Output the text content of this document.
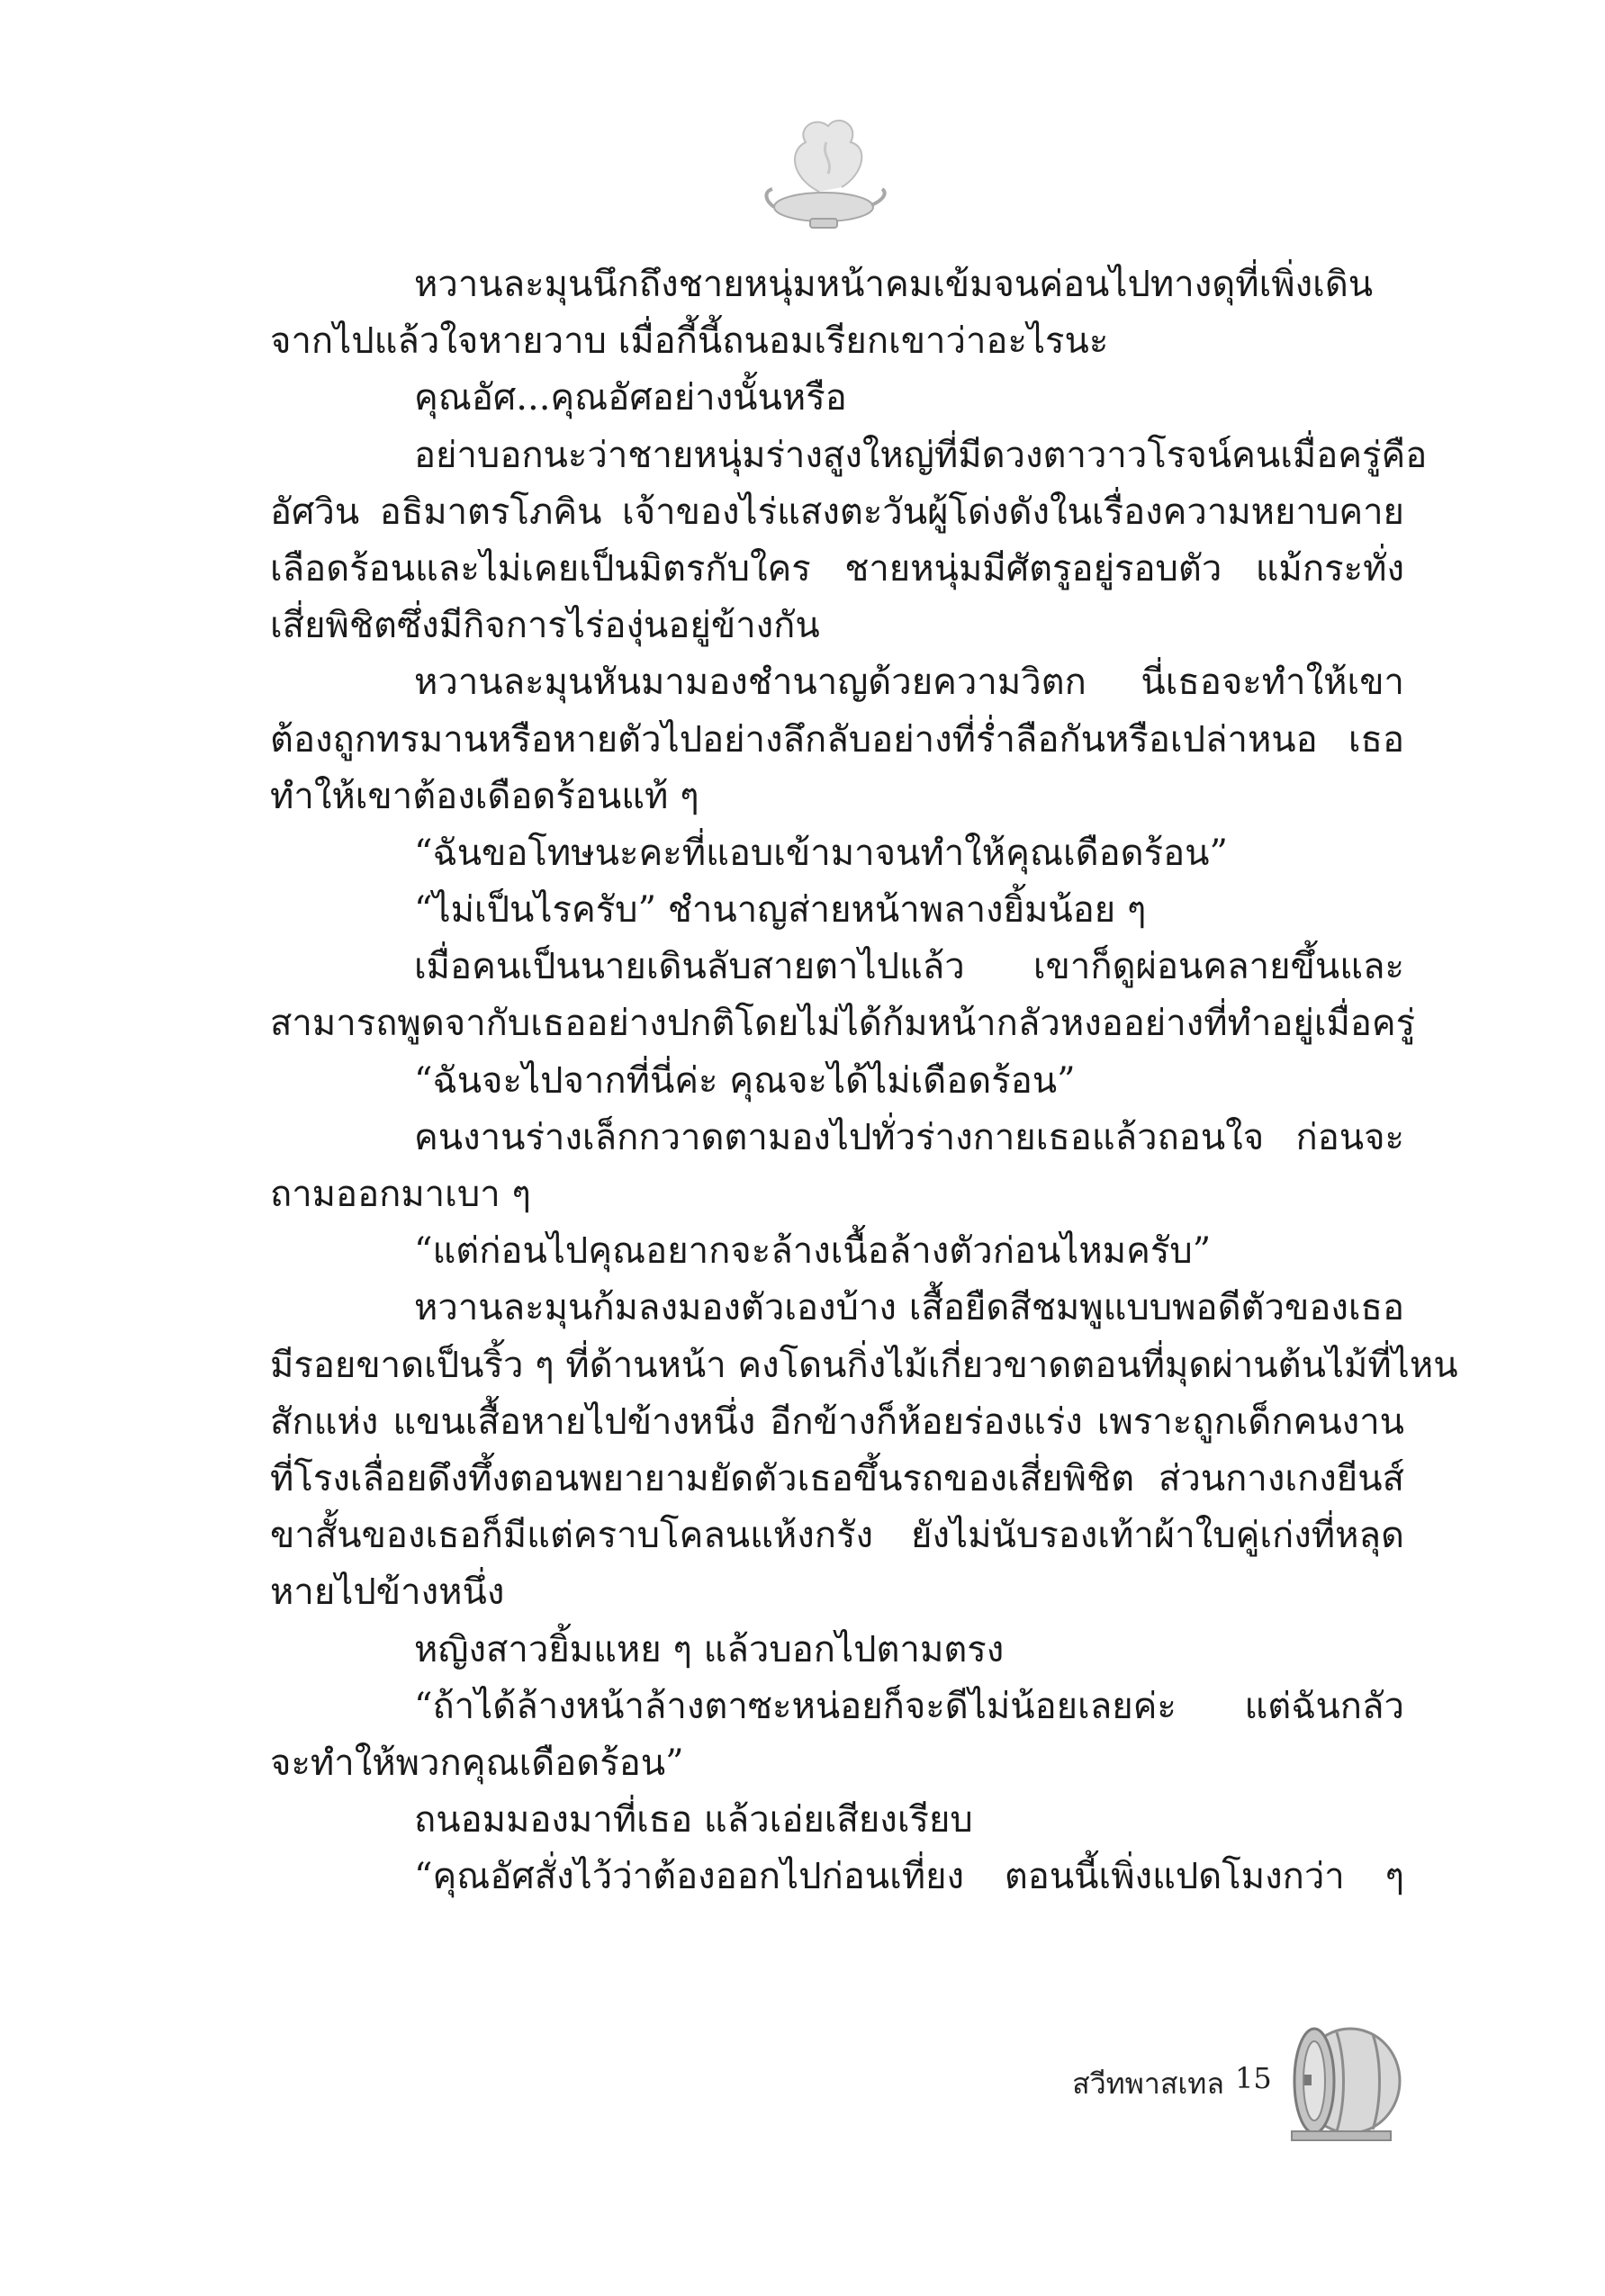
หวานละมุนนึกถึงชายหนุ่มหน้าคมเข้มจนค่อนไปทางดุที่เพิ่งเดิน
จากไปแล้วใจหายวาบ เมื่อกี้นี้ถนอมเรียกเขาว่าอะไรนะ
คุณอัศ...คุณอัศอย่างนั้นหรือ
อย่าบอกนะว่าชายหนุ่มร่างสูงใหญ่ที่มีดวงตาวาวโรจน์คนเมื่อครู่คือ
อัศวิน อธิมาตรโภคิน เจ้าของไร่แสงตะวันผู้โด่งดังในเรื่องความหยาบคาย
เลือดร้อนและไม่เคยเป็นมิตรกับใคร ชายหนุ่มมีศัตรูอยู่รอบตัว แม้กระทั่ง
เสี่ยพิชิตซึ่งมีกิจการไร่องุ่นอยู่ข้างกัน
หวานละมุนหันมามองชำนาญด้วยความวิตก นี่เธอจะทำให้เขา
ต้องถูกทรมานหรือหายตัวไปอย่างลึกลับอย่างที่ร่ำลือกันหรือเปล่าหนอ เธอ
ทำให้เขาต้องเดือดร้อนแท้ ๆ
“ฉันขอโทษนะคะที่แอบเข้ามาจนทำให้คุณเดือดร้อน”
“ไม่เป็นไรครับ” ชำนาญส่ายหน้าพลางยิ้มน้อย ๆ
เมื่อคนเป็นนายเดินลับสายตาไปแล้ว เขาก็ดูผ่อนคลายขึ้นและ
สามารถพูดจากับเธออย่างปกติโดยไม่ได้ก้มหน้ากลัวหงออย่างที่ทำอยู่เมื่อครู่
“ฉันจะไปจากที่นี่ค่ะ คุณจะได้ไม่เดือดร้อน”
คนงานร่างเล็กกวาดตามองไปทั่วร่างกายเธอแล้วถอนใจ ก่อนจะ
ถามออกมาเบา ๆ
“แต่ก่อนไปคุณอยากจะล้างเนื้อล้างตัวก่อนไหมครับ”
หวานละมุนก้มลงมองตัวเองบ้าง เสื้อยืดสีชมพูแบบพอดีตัวของเธอ
มีรอยขาดเป็นริ้ว ๆ ที่ด้านหน้า คงโดนกิ่งไม้เกี่ยวขาดตอนที่มุดผ่านต้นไม้ที่ไหน
สักแห่ง แขนเสื้อหายไปข้างหนึ่ง อีกข้างก็ห้อยร่องแร่ง เพราะถูกเด็กคนงาน
ที่โรงเลื่อยดึงทึ้งตอนพยายามยัดตัวเธอขึ้นรถของเสี่ยพิชิต ส่วนกางเกงยีนส์
ขาสั้นของเธอก็มีแต่คราบโคลนแห้งกรัง ยังไม่นับรองเท้าผ้าใบคู่เก่งที่หลุด
หายไปข้างหนึ่ง
หญิงสาวยิ้มแหย ๆ แล้วบอกไปตามตรง
“ถ้าได้ล้างหน้าล้างตาซะหน่อยก็จะดีไม่น้อยเลยค่ะ แต่ฉันกลัว
จะทำให้พวกคุณเดือดร้อน”
ถนอมมองมาที่เธอ แล้วเอ่ยเสียงเรียบ
“คุณอัศสั่งไว้ว่าต้องออกไปก่อนเที่ยง ตอนนี้เพิ่งแปดโมงกว่า ๆ
สวีทพาสเทล 15
